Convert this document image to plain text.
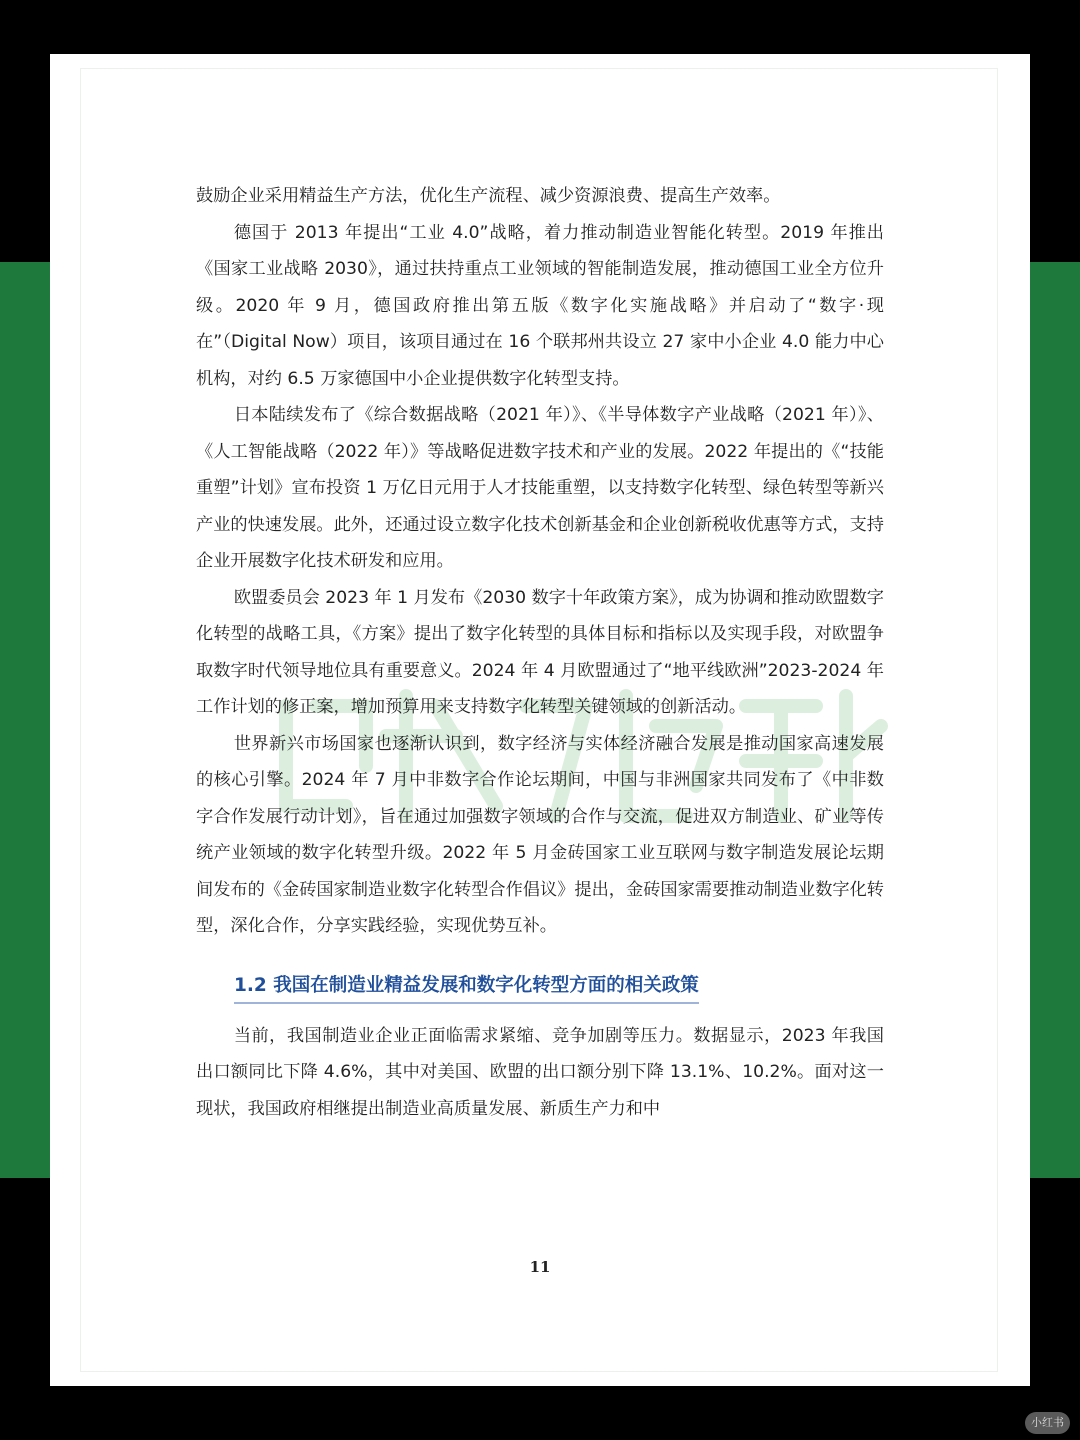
鼓励企业采用精益生产方法，优化生产流程、减少资源浪费、提高生产效率。

德国于 2013 年提出“工业 4.0”战略，着力推动制造业智能化转型。2019 年推出《国家工业战略 2030》，通过扶持重点工业领域的智能制造发展，推动德国工业全方位升级。2020 年 9 月，德国政府推出第五版《数字化实施战略》并启动了“数字·现在”（Digital Now）项目，该项目通过在 16 个联邦州共设立 27 家中小企业 4.0 能力中心机构，对约 6.5 万家德国中小企业提供数字化转型支持。

日本陆续发布了《综合数据战略（2021 年）》、《半导体数字产业战略（2021 年）》、《人工智能战略（2022 年）》等战略促进数字技术和产业的发展。2022 年提出的《“技能重塑”计划》宣布投资 1 万亿日元用于人才技能重塑，以支持数字化转型、绿色转型等新兴产业的快速发展。此外，还通过设立数字化技术创新基金和企业创新税收优惠等方式，支持企业开展数字化技术研发和应用。

欧盟委员会 2023 年 1 月发布《2030 数字十年政策方案》，成为协调和推动欧盟数字化转型的战略工具，《方案》提出了数字化转型的具体目标和指标以及实现手段，对欧盟争取数字时代领导地位具有重要意义。2024 年 4 月欧盟通过了“地平线欧洲”2023-2024 年工作计划的修正案，增加预算用来支持数字化转型关键领域的创新活动。

世界新兴市场国家也逐渐认识到，数字经济与实体经济融合发展是推动国家高速发展的核心引擎。2024 年 7 月中非数字合作论坛期间，中国与非洲国家共同发布了《中非数字合作发展行动计划》，旨在通过加强数字领域的合作与交流，促进双方制造业、矿业等传统产业领域的数字化转型升级。2022 年 5 月金砖国家工业互联网与数字制造发展论坛期间发布的《金砖国家制造业数字化转型合作倡议》提出，金砖国家需要推动制造业数字化转型，深化合作，分享实践经验，实现优势互补。

1.2 我国在制造业精益发展和数字化转型方面的相关政策

当前，我国制造业企业正面临需求紧缩、竞争加剧等压力。数据显示，2023 年我国出口额同比下降 4.6%，其中对美国、欧盟的出口额分别下降 13.1%、10.2%。面对这一现状，我国政府相继提出制造业高质量发展、新质生产力和中

11
小红书
